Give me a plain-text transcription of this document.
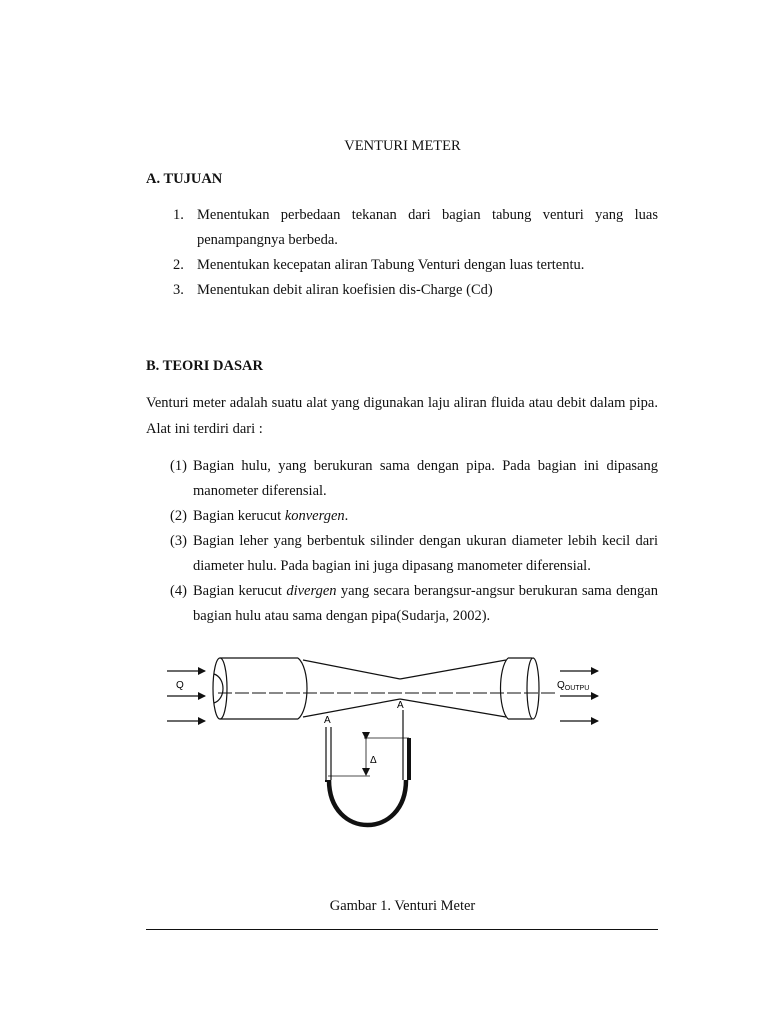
VENTURI METER
A. TUJUAN
1. Menentukan perbedaan tekanan dari bagian tabung venturi yang luas penampangnya berbeda.
2. Menentukan kecepatan aliran Tabung Venturi dengan luas tertentu.
3. Menentukan debit aliran koefisien dis-Charge (Cd)
B. TEORI DASAR
Venturi meter adalah suatu alat yang digunakan laju aliran fluida atau debit dalam pipa. Alat ini terdiri dari :
(1) Bagian hulu, yang berukuran sama dengan pipa. Pada bagian ini dipasang manometer diferensial.
(2) Bagian kerucut konvergen.
(3) Bagian leher yang berbentuk silinder dengan ukuran diameter lebih kecil dari diameter hulu. Pada bagian ini juga dipasang manometer diferensial.
(4) Bagian kerucut divergen yang secara berangsur-angsur berukuran sama dengan bagian hulu atau sama dengan pipa(Sudarja, 2002).
Q	$Q_{OUTPU}$
A
A
Δ
Gambar 1. Venturi Meter
